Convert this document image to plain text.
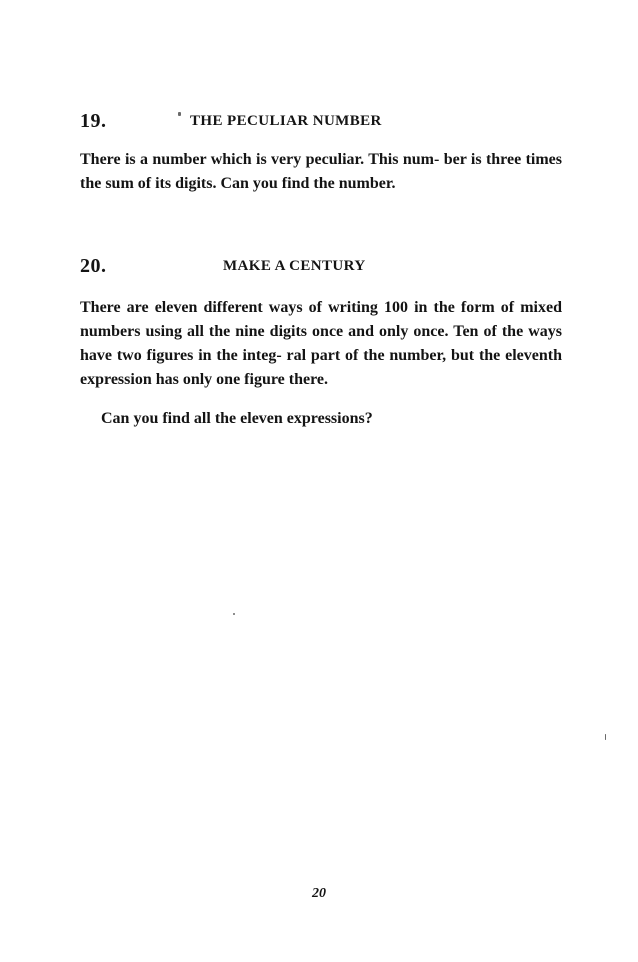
19.	THE PECULIAR NUMBER

There is a number which is very peculiar. This num- ber is three times the sum of its digits. Can you find the number.

20.	MAKE A CENTURY

There are eleven different ways of writing 100 in the form of mixed numbers using all the nine digits once and only once. Ten of the ways have two figures in the integ- ral part of the number, but the eleventh expression has only one figure there.

Can you find all the eleven expressions?

20
